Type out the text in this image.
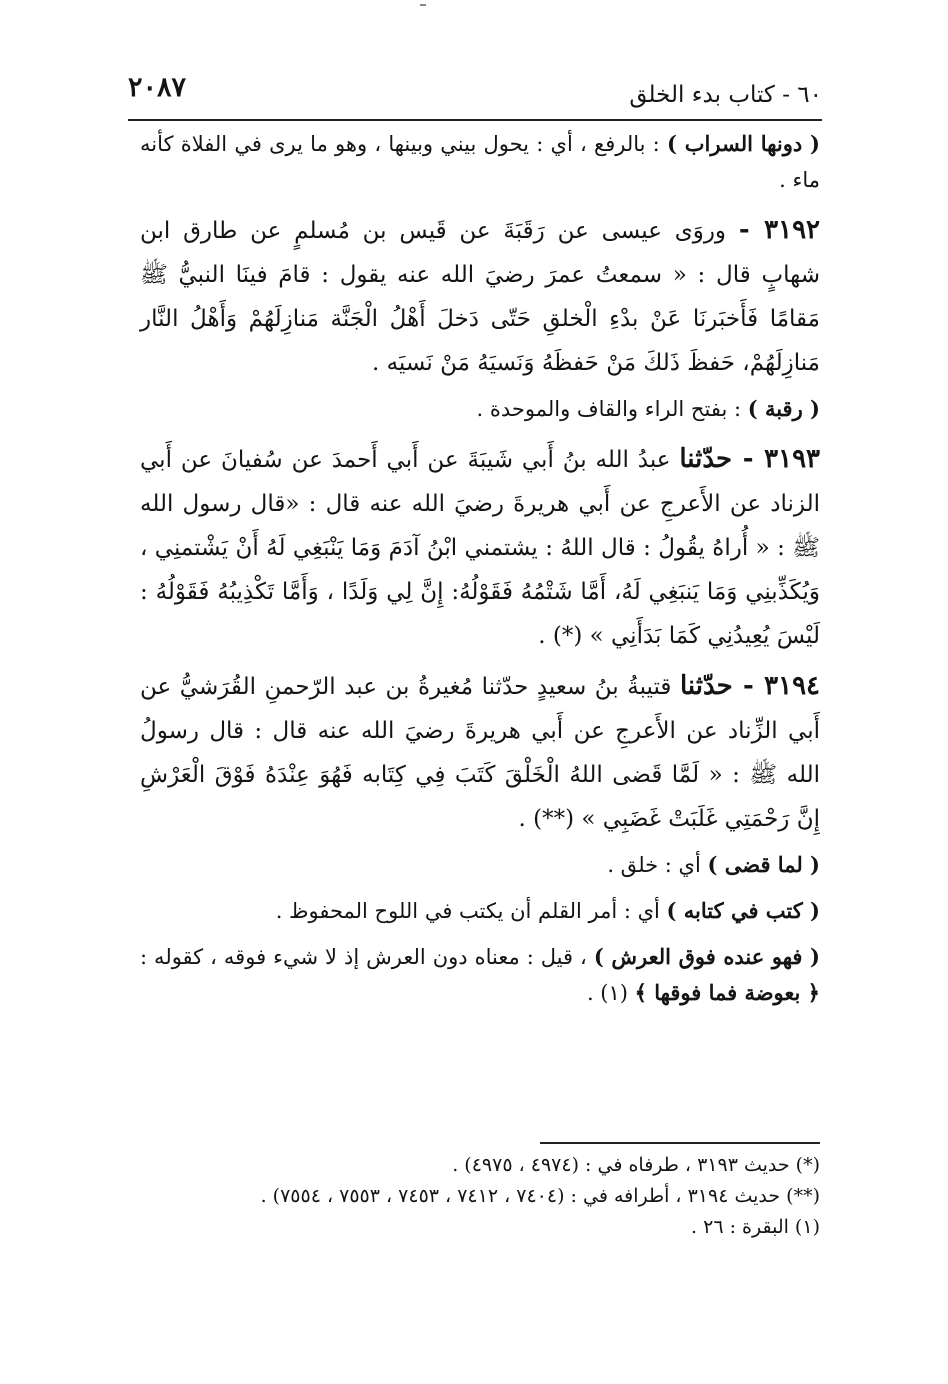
٦٠ - كتاب بدء الخلق
٢٠٨٧

( دونها السراب ) : بالرفع ، أي : يحول بيني وبينها ، وهو ما يرى في الفلاة كأنه ماء .

٣١٩٢ - وروَى عيسى عن رَقَبَةَ عن قَيس بن مُسلمٍ عن طارق ابن شهابٍ قال : « سمعتُ عمرَ رضيَ الله عنه يقول : قامَ فينَا النبيُّ ﷺ مَقامًا فَأَخبَرنَا عَنْ بدْءِ الْخلقِ حَتّى دَخلَ أَهْلُ الْجَنَّة مَنازِلَهُمْ وَأَهْلُ النَّار مَنازِلَهُمْ، حَفظَ ذَلكَ مَنْ حَفظَهُ وَنَسيَهُ مَنْ نَسيَه .

( رقبة ) : بفتح الراء والقاف والموحدة .

٣١٩٣ - حدّثنا عبدُ الله بنُ أَبي شَيبَةَ عن أَبي أَحمدَ عن سُفيانَ عن أَبي الزناد عن الأَعرجِ عن أَبي هريرةَ رضيَ الله عنه قال : «قال رسول الله ﷺ : « أُراهُ يقُولُ : قال اللهُ : يشتمني ابْنُ آدَمَ وَمَا يَنْبَغِي لَهُ أَنْ يَشْتمنِي ، وَيُكَذِّبنِي وَمَا يَنبَغِي لَهُ، أَمَّا شَتْمُهُ فَقَوْلُهُ: إِنَّ لِي وَلَدًا ، وَأَمَّا تَكْذِيبُهُ فَقَوْلُهُ : لَيْسَ يُعِيدُنِي كَمَا بَدَأَنِي » (*) .

٣١٩٤ - حدّثنا قتيبةُ بنُ سعيدٍ حدّثنا مُغيرةُ بن عبد الرّحمنِ القُرَشيُّ عن أَبي الزِّناد عن الأَعرجِ عن أَبي هريرةَ رضيَ الله عنه قال : قال رسولُ الله ﷺ : « لَمَّا قَضى اللهُ الْخَلْقَ كَتَبَ فِي كِتَابه فَهُوَ عِنْدَهُ فَوْقَ الْعَرْشِ إِنَّ رَحْمَتِي غَلَبَتْ غَضَبِي » (**) .

( لما قضى ) أي : خلق .

( كتب في كتابه ) أي : أمر القلم أن يكتب في اللوح المحفوظ .

( فهو عنده فوق العرش ) ، قيل : معناه دون العرش إذ لا شيء فوقه ، كقوله : ﴿ بعوضة فما فوقها ﴾ (١) .

(*) حديث ٣١٩٣ ، طرفاه في : (٤٩٧٤ ، ٤٩٧٥) .

(**) حديث ٣١٩٤ ، أطرافه في : (٧٤٠٤ ، ٧٤١٢ ، ٧٤٥٣ ، ٧٥٥٣ ، ٧٥٥٤) .

(١) البقرة : ٢٦ .
